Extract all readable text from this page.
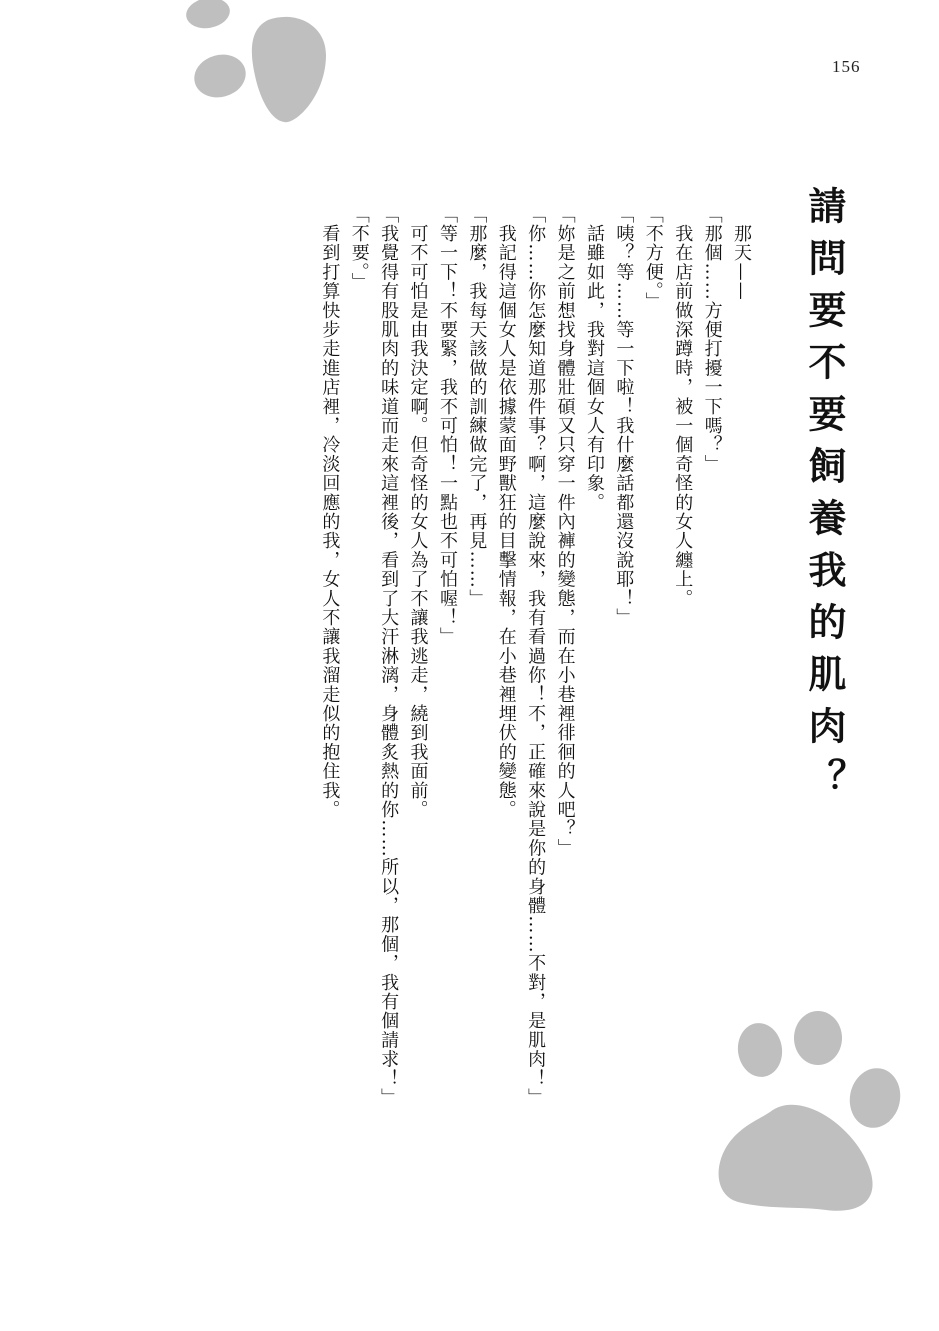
156
請問要不要飼養我的肌肉？

　那天——

「那個……方便打擾一下嗎？」

　我在店前做深蹲時，被一個奇怪的女人纏上。

「不方便。」

「咦？等……等一下啦！我什麼話都還沒說耶！」

　話雖如此，我對這個女人有印象。

「妳是之前想找身體壯碩又只穿一件內褲的變態，而在小巷裡徘徊的人吧？」

「你……你怎麼知道那件事？啊，這麼說來，我有看過你！不，正確來說是你的身體……不對，是肌肉！」

　我記得這個女人是依據蒙面野獸狂的目擊情報，在小巷裡埋伏的變態。

「那麼，我每天該做的訓練做完了，再見……」

「等一下！不要緊，我不可怕！一點也不可怕喔！」

　可不可怕是由我決定啊。但奇怪的女人為了不讓我逃走，繞到我面前。

「我覺得有股肌肉的味道而走來這裡後，看到了大汗淋漓，身體炙熱的你……所以，那個，我有個請求！」

「不要。」

　看到打算快步走進店裡，冷淡回應的我，女人不讓我溜走似的抱住我。
